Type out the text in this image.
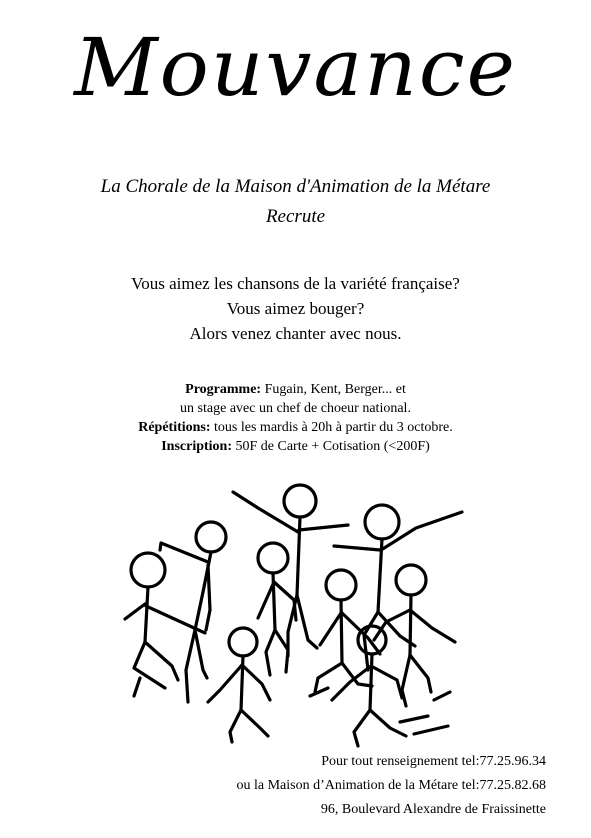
Mouvance
La Chorale de la Maison d'Animation de la Métare
Recrute
Vous aimez les chansons de la variété française?
Vous aimez bouger?
Alors venez chanter avec nous.
Programme: Fugain, Kent, Berger... et
un stage avec un chef de choeur national.
Répétitions: tous les mardis à 20h à partir du 3 octobre.
Inscription: 50F de Carte + Cotisation (<200F)
Pour tout renseignement tel:77.25.96.34
ou la Maison d’Animation de la Métare tel:77.25.82.68
96, Boulevard Alexandre de Fraissinette
